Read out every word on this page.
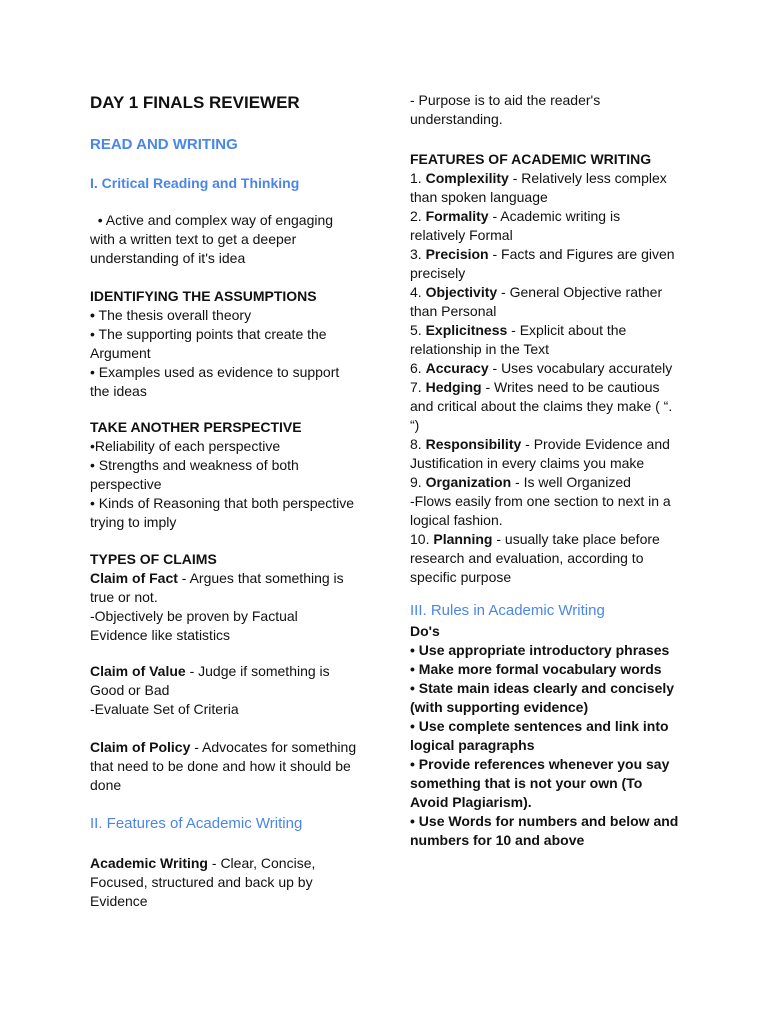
DAY 1 FINALS REVIEWER
READ AND WRITING
I. Critical Reading and Thinking

• Active and complex way of engaging with a written text to get a deeper understanding of it's idea

IDENTIFYING THE ASSUMPTIONS
• The thesis overall theory
• The supporting points that create the Argument
• Examples used as evidence to support the ideas
TAKE ANOTHER PERSPECTIVE
•Reliability of each perspective
• Strengths and weakness of both perspective
• Kinds of Reasoning that both perspective trying to imply
TYPES OF CLAIMS
Claim of Fact - Argues that something is true or not.
-Objectively be proven by Factual Evidence like statistics
Claim of Value - Judge if something is Good or Bad
-Evaluate Set of Criteria
Claim of Policy - Advocates for something that need to be done and how it should be done
II. Features of Academic Writing
Academic Writing - Clear, Concise, Focused, structured and back up by Evidence
- Purpose is to aid the reader's understanding.
FEATURES OF ACADEMIC WRITING
1. Complexility - Relatively less complex than spoken language
2. Formality - Academic writing is relatively Formal
3. Precision - Facts and Figures are given precisely
4. Objectivity - General Objective rather than Personal
5. Explicitness - Explicit about the relationship in the Text
6. Accuracy - Uses vocabulary accurately
7. Hedging - Writes need to be cautious and critical about the claims they make ( “. “)
8. Responsibility - Provide Evidence and Justification in every claims you make
9. Organization - Is well Organized
-Flows easily from one section to next in a logical fashion.
10. Planning - usually take place before research and evaluation, according to specific purpose
III. Rules in Academic Writing
Do's
• Use appropriate introductory phrases
• Make more formal vocabulary words
• State main ideas clearly and concisely (with supporting evidence)
• Use complete sentences and link into logical paragraphs
• Provide references whenever you say something that is not your own (To Avoid Plagiarism).
• Use Words for numbers and below and numbers for 10 and above
